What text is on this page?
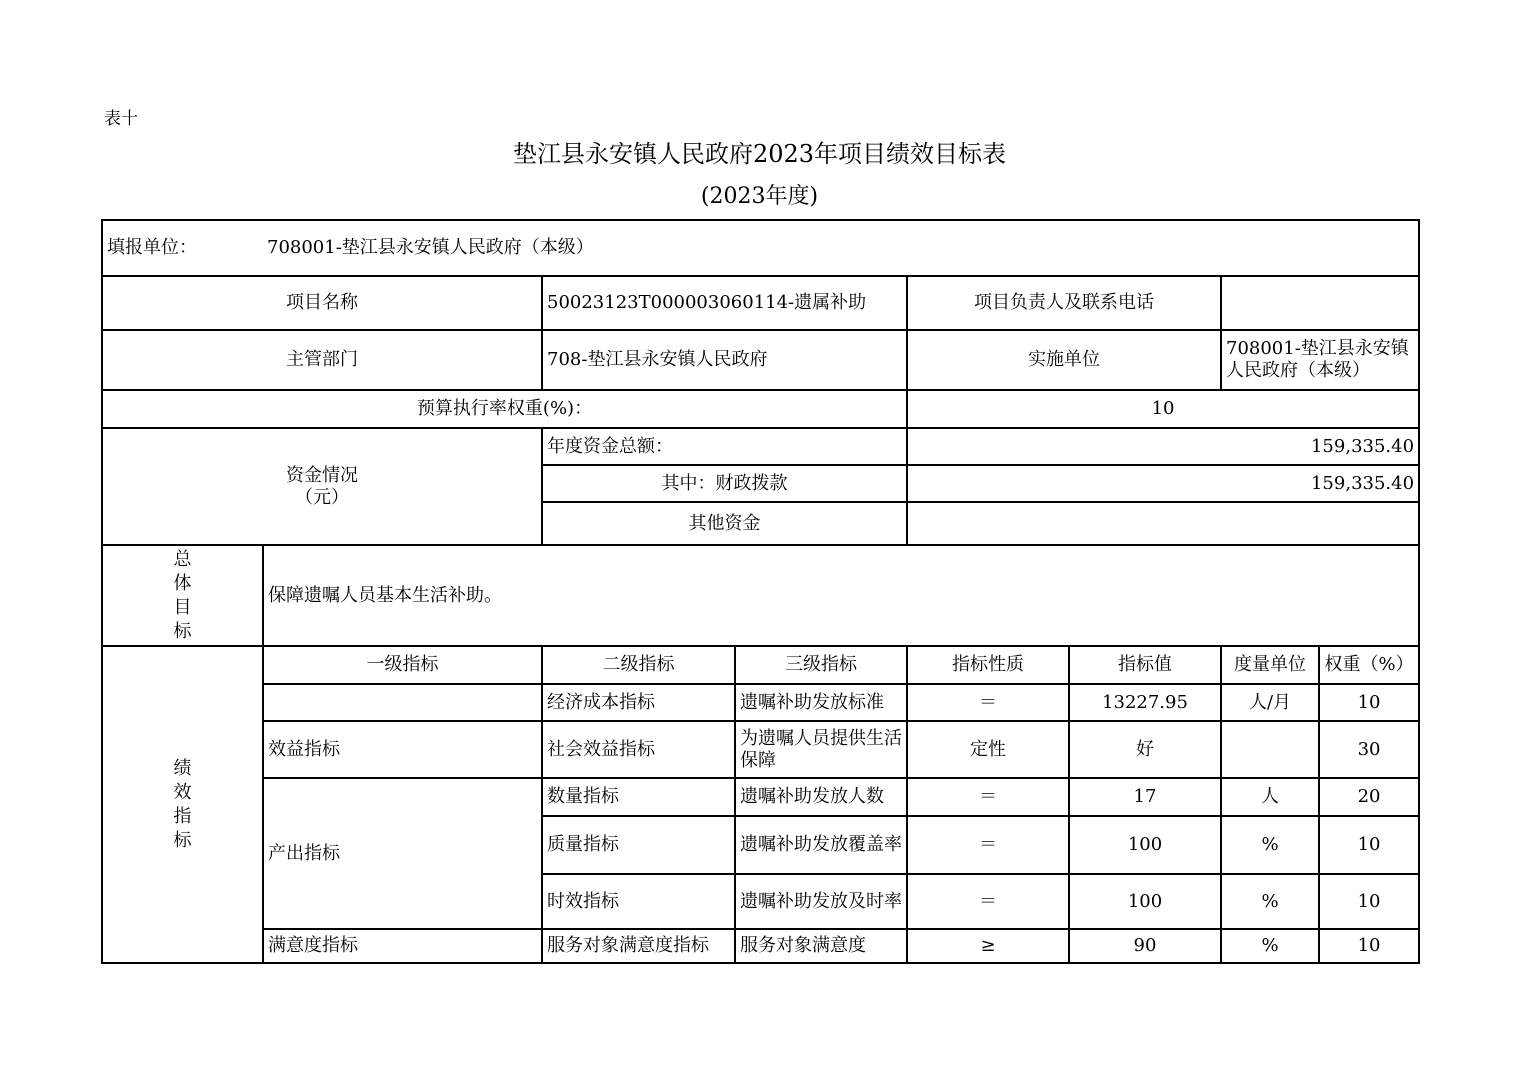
表十
垫江县永安镇人民政府2023年项目绩效目标表
(2023年度)
填报单位： 708001-垫江县永安镇人民政府（本级）							
项目名称		50023123T000003060114-遗属补助		项目负责人及联系电话			
主管部门		708-垫江县永安镇人民政府		实施单位		708001-垫江县永安镇人民政府（本级）	
预算执行率权重(%)：				10			

资金情况
（元）		年度资金总额：		159,335.40			
		其中：财政拨款		159,335.40			
		其他资金					

总
体
目
标	保障遗嘱人员基本生活补助。						

绩
效
指
标	一级指标	二级指标	三级指标	指标性质	指标值	度量单位	权重（%）
		经济成本指标	遗嘱补助发放标准	＝	13227.95	人/月	10
	效益指标	社会效益指标	为遗嘱人员提供生活保障	定性	好		30
	产出指标	数量指标	遗嘱补助发放人数	＝	17	人	20
		质量指标	遗嘱补助发放覆盖率	＝	100	%	10
		时效指标	遗嘱补助发放及时率	＝	100	%	10
	满意度指标	服务对象满意度指标	服务对象满意度	≥	90	%	10
